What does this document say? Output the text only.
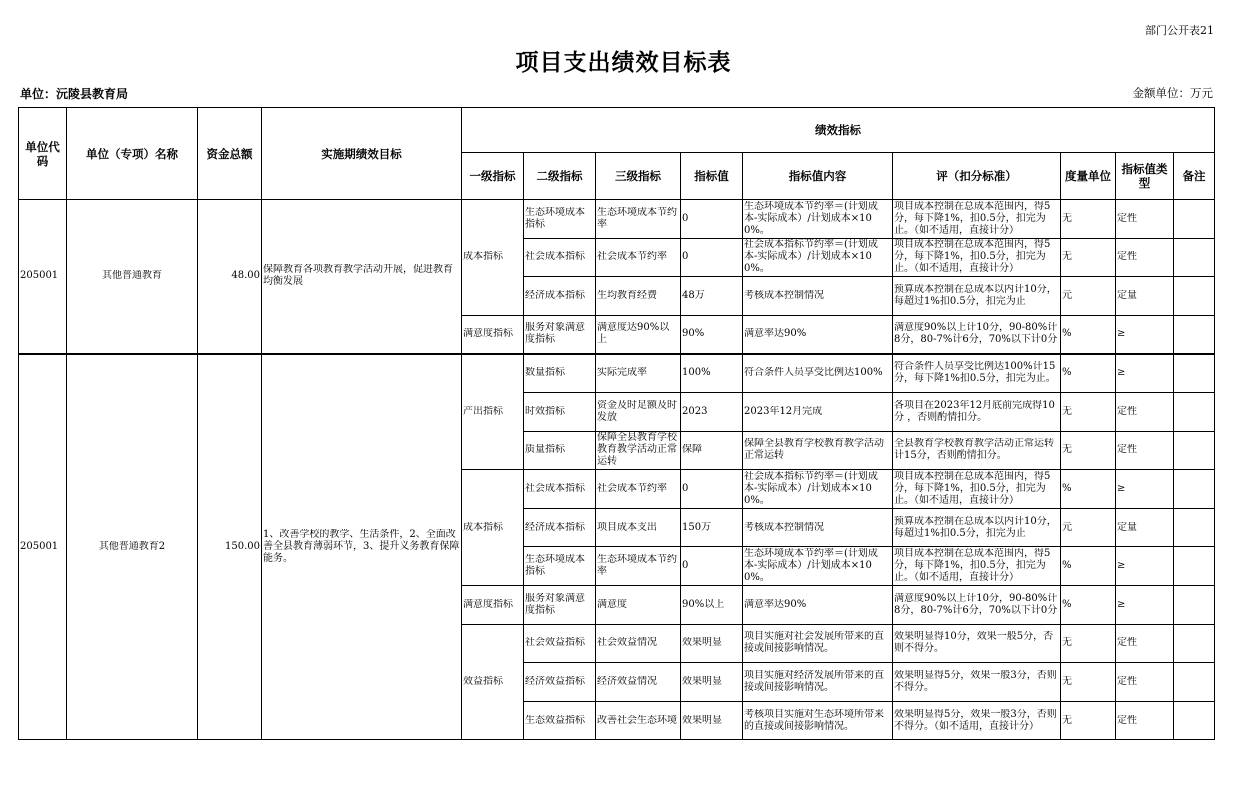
部门公开表21
项目支出绩效目标表
单位：沅陵县教育局	金额单位：万元
单位代码	单位（专项）名称	资金总额	实施期绩效目标	绩效指标								
				一级指标	二级指标	三级指标	指标值	指标值内容	评（扣分标准）	度量单位	指标值类型	备注

205001	其他普通教育	48.00	保障教育各项教育教学活动开展，促进教育均衡发展	成本指标	生态环境成本指标	生态环境成本节约率	0	生态环境成本节约率＝(计划成本-实际成本）/计划成本×100%。	项目成本控制在总成本范围内，得5分，每下降1%，扣0.5分，扣完为止。（如不适用，直接计分）	无	定性	

					社会成本指标	社会成本节约率	0	社会成本指标节约率＝(计划成本-实际成本）/计划成本×100%。	项目成本控制在总成本范围内，得5分，每下降1%，扣0.5分，扣完为止。（如不适用，直接计分）	无	定性	

					经济成本指标	生均教育经费	48万	考核成本控制情况	预算成本控制在总成本以内计10分，每超过1%扣0.5分，扣完为止	元	定量	

				满意度指标	服务对象满意度指标	满意度达90%以上	90%	满意率达90%	满意度90%以上计10分，90-80%计8分，80-7%计6分，70%以下计0分	%	≥	

205001	其他普通教育2	150.00	1、改善学校的教学、生活条件，2、全面改善全县教育薄弱环节，3、提升义务教育保障能务。	产出指标	数量指标	实际完成率	100%	符合条件人员享受比例达100%	符合条件人员享受比例达100%计15分，每下降1%扣0.5分，扣完为止。	%	≥	

					时效指标	资金及时足额及时发放	2023	2023年12月完成	各项目在2023年12月底前完成得10分 ，否则酌情扣分。	无	定性	

					质量指标	保障全县教育学校教育教学活动正常运转	保障	保障全县教育学校教育教学活动正常运转	全县教育学校教育教学活动正常运转计15分，否则酌情扣分。	无	定性	

				成本指标	社会成本指标	社会成本节约率	0	社会成本指标节约率＝(计划成本-实际成本）/计划成本×100%。	项目成本控制在总成本范围内，得5分，每下降1%，扣0.5分，扣完为止。（如不适用，直接计分）	%	≥	

					经济成本指标	项目成本支出	150万	考核成本控制情况	预算成本控制在总成本以内计10分，每超过1%扣0.5分，扣完为止	元	定量	

					生态环境成本指标	生态环境成本节约率	0	生态环境成本节约率＝(计划成本-实际成本）/计划成本×100%。	项目成本控制在总成本范围内，得5分，每下降1%，扣0.5分，扣完为止。（如不适用，直接计分）	%	≥	

				满意度指标	服务对象满意度指标	满意度	90%以上	满意率达90%	满意度90%以上计10分，90-80%计8分，80-7%计6分，70%以下计0分	%	≥	

				效益指标	社会效益指标	社会效益情况	效果明显	项目实施对社会发展所带来的直接或间接影响情况。	效果明显得10分，效果一般5分，否则不得分。	无	定性	

					经济效益指标	经济效益情况	效果明显	项目实施对经济发展所带来的直接或间接影响情况。	效果明显得5分，效果一般3分，否则不得分。	无	定性	

					生态效益指标	改善社会生态环境	效果明显	考核项目实施对生态环境所带来的直接或间接影响情况。	效果明显得5分，效果一般3分，否则不得分。（如不适用，直接计分）	无	定性	
